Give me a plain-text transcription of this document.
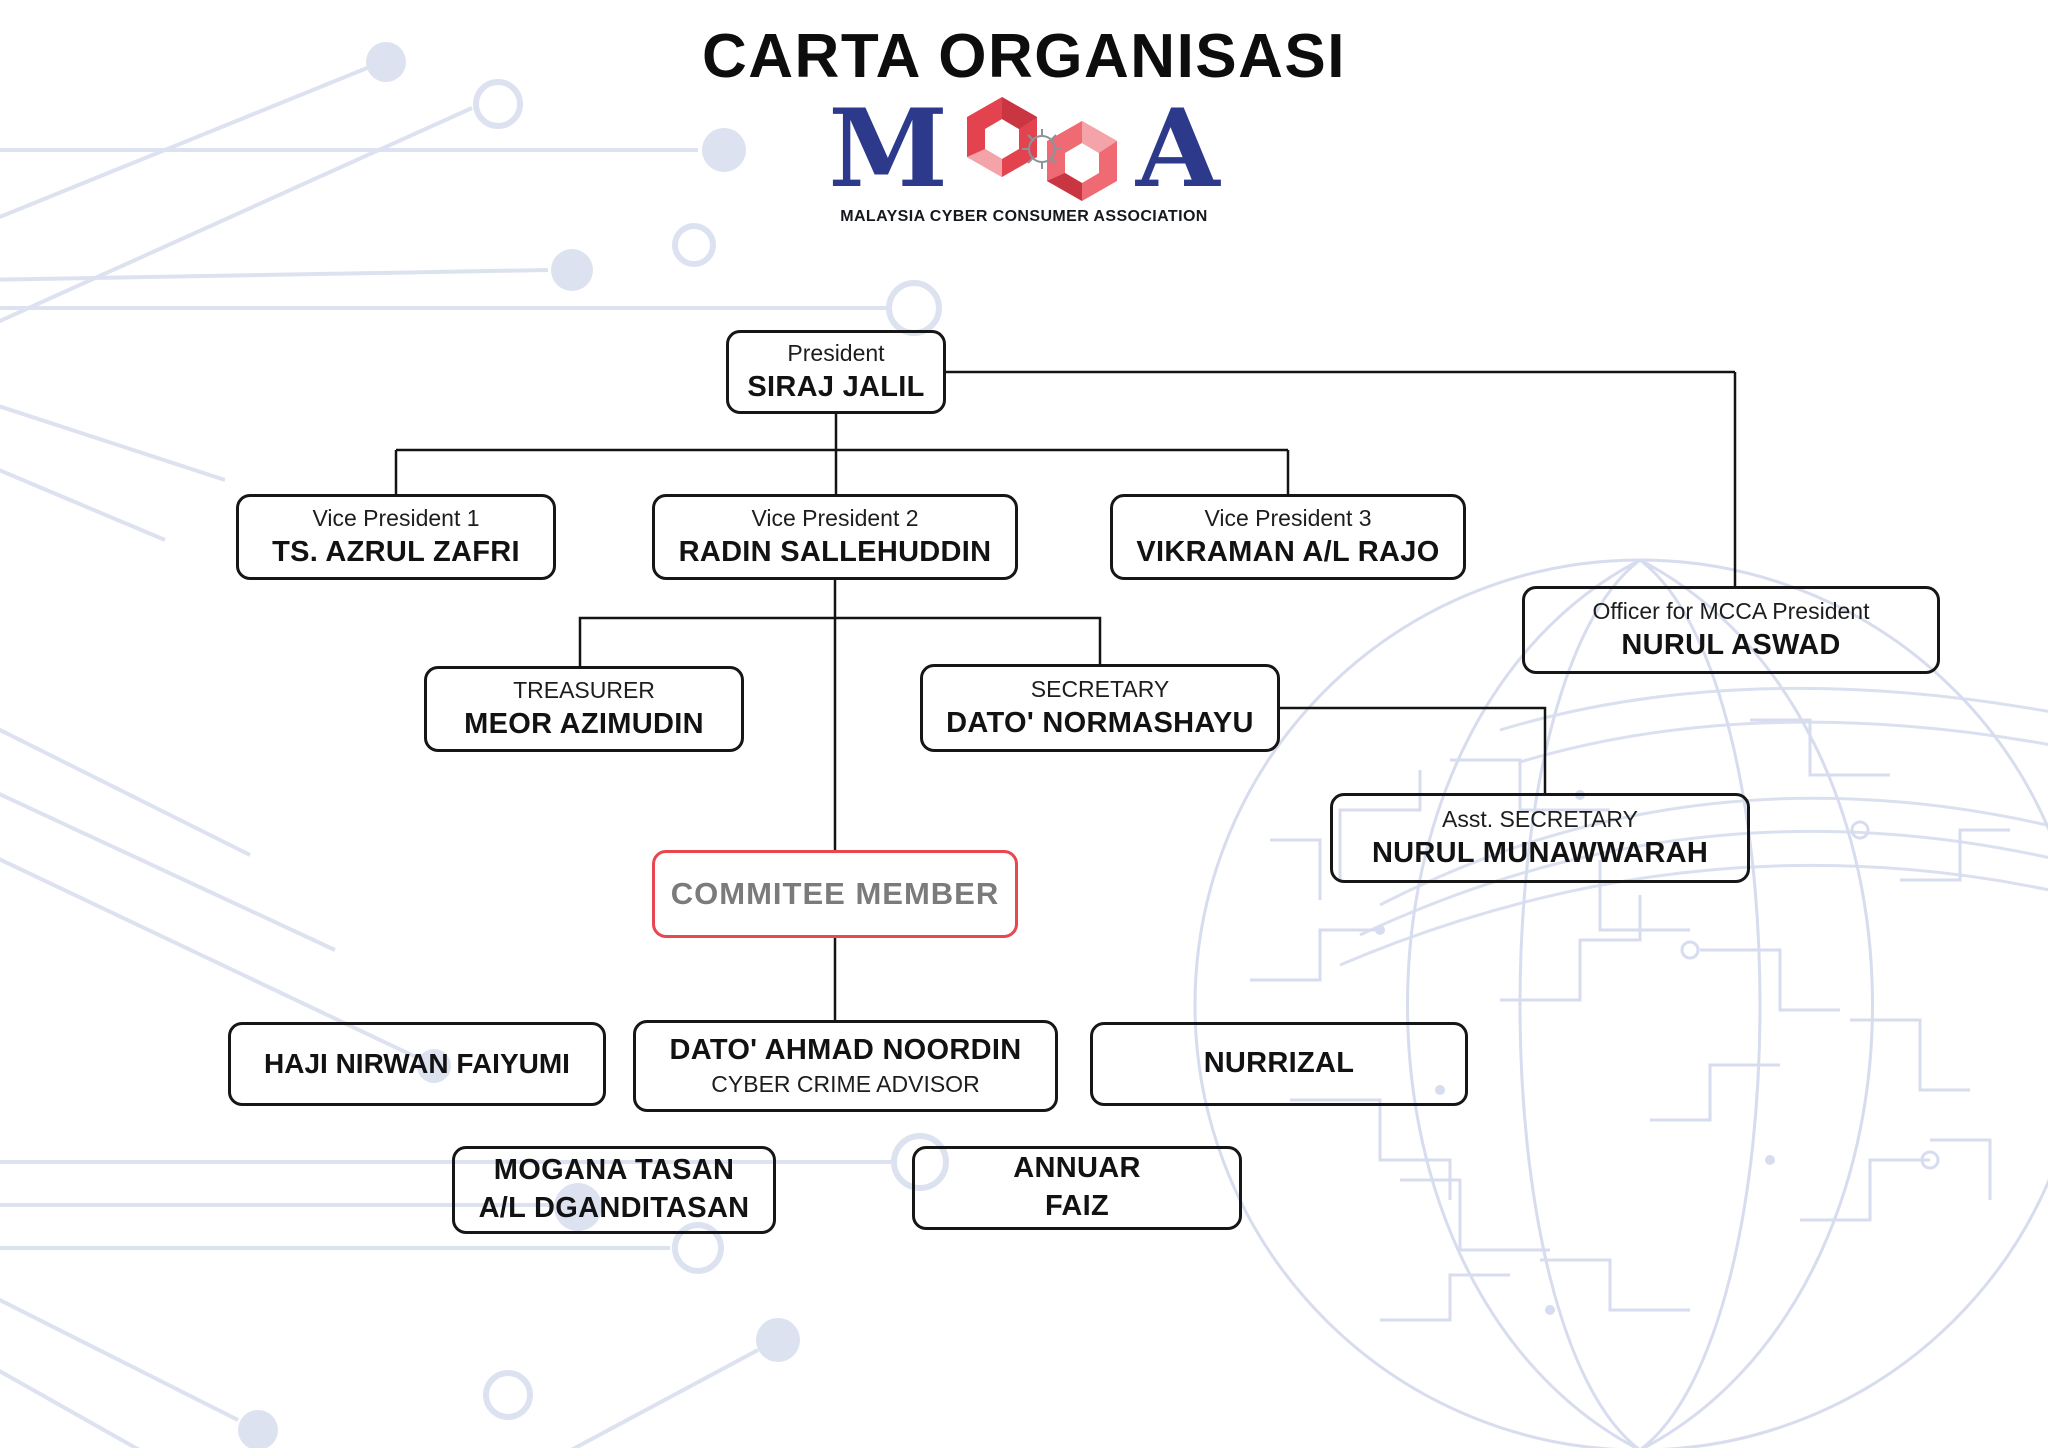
CARTA ORGANISASI
M A
MALAYSIA CYBER CONSUMER ASSOCIATION
President
SIRAJ JALIL
Vice President 1
TS. AZRUL ZAFRI
Vice President 2
RADIN SALLEHUDDIN
Vice President 3
VIKRAMAN A/L RAJO
Officer for MCCA President
NURUL ASWAD
TREASURER
MEOR AZIMUDIN
SECRETARY
DATO' NORMASHAYU
Asst. SECRETARY
NURUL MUNAWWARAH
COMMITEE MEMBER
HAJI NIRWAN FAIYUMI	DATO' AHMAD NOORDIN
CYBER CRIME ADVISOR
NURRIZAL
MOGANA TASAN
A/L DGANDITASAN
ANNUAR
FAIZ
